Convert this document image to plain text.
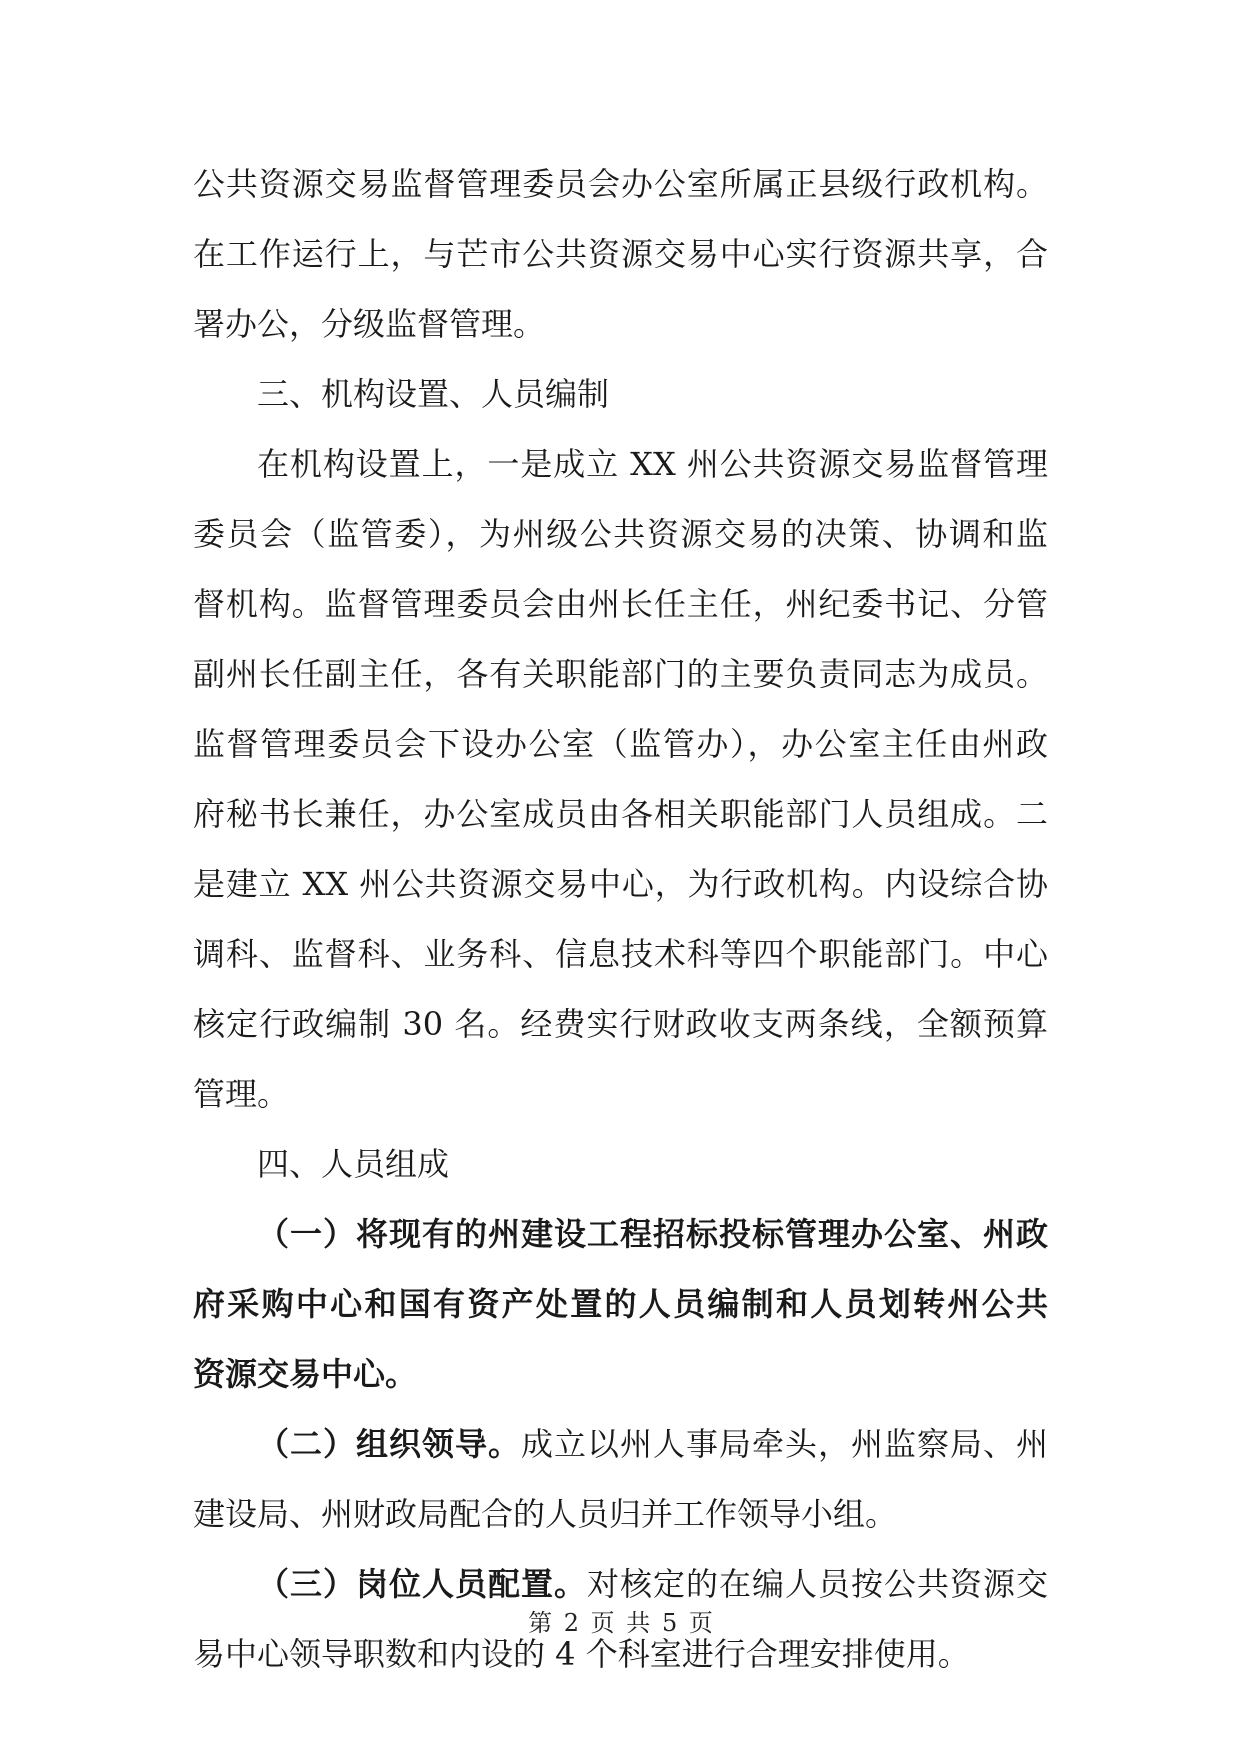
公共资源交易监督管理委员会办公室所属正县级行政机构。
在工作运行上，与芒市公共资源交易中心实行资源共享，合
署办公，分级监督管理。
三、机构设置、人员编制
在机构设置上，一是成立 XX 州公共资源交易监督管理
委员会（监管委），为州级公共资源交易的决策、协调和监
督机构。监督管理委员会由州长任主任，州纪委书记、分管
副州长任副主任，各有关职能部门的主要负责同志为成员。
监督管理委员会下设办公室（监管办），办公室主任由州政
府秘书长兼任，办公室成员由各相关职能部门人员组成。二
是建立 XX 州公共资源交易中心，为行政机构。内设综合协
调科、监督科、业务科、信息技术科等四个职能部门。中心
核定行政编制 30 名。经费实行财政收支两条线，全额预算
管理。
四、人员组成
（一）将现有的州建设工程招标投标管理办公室、州政
府采购中心和国有资产处置的人员编制和人员划转州公共
资源交易中心。
（二）组织领导。成立以州人事局牵头，州监察局、州
建设局、州财政局配合的人员归并工作领导小组。
（三）岗位人员配置。对核定的在编人员按公共资源交
易中心领导职数和内设的 4 个科室进行合理安排使用。
第 2 页 共 5 页
